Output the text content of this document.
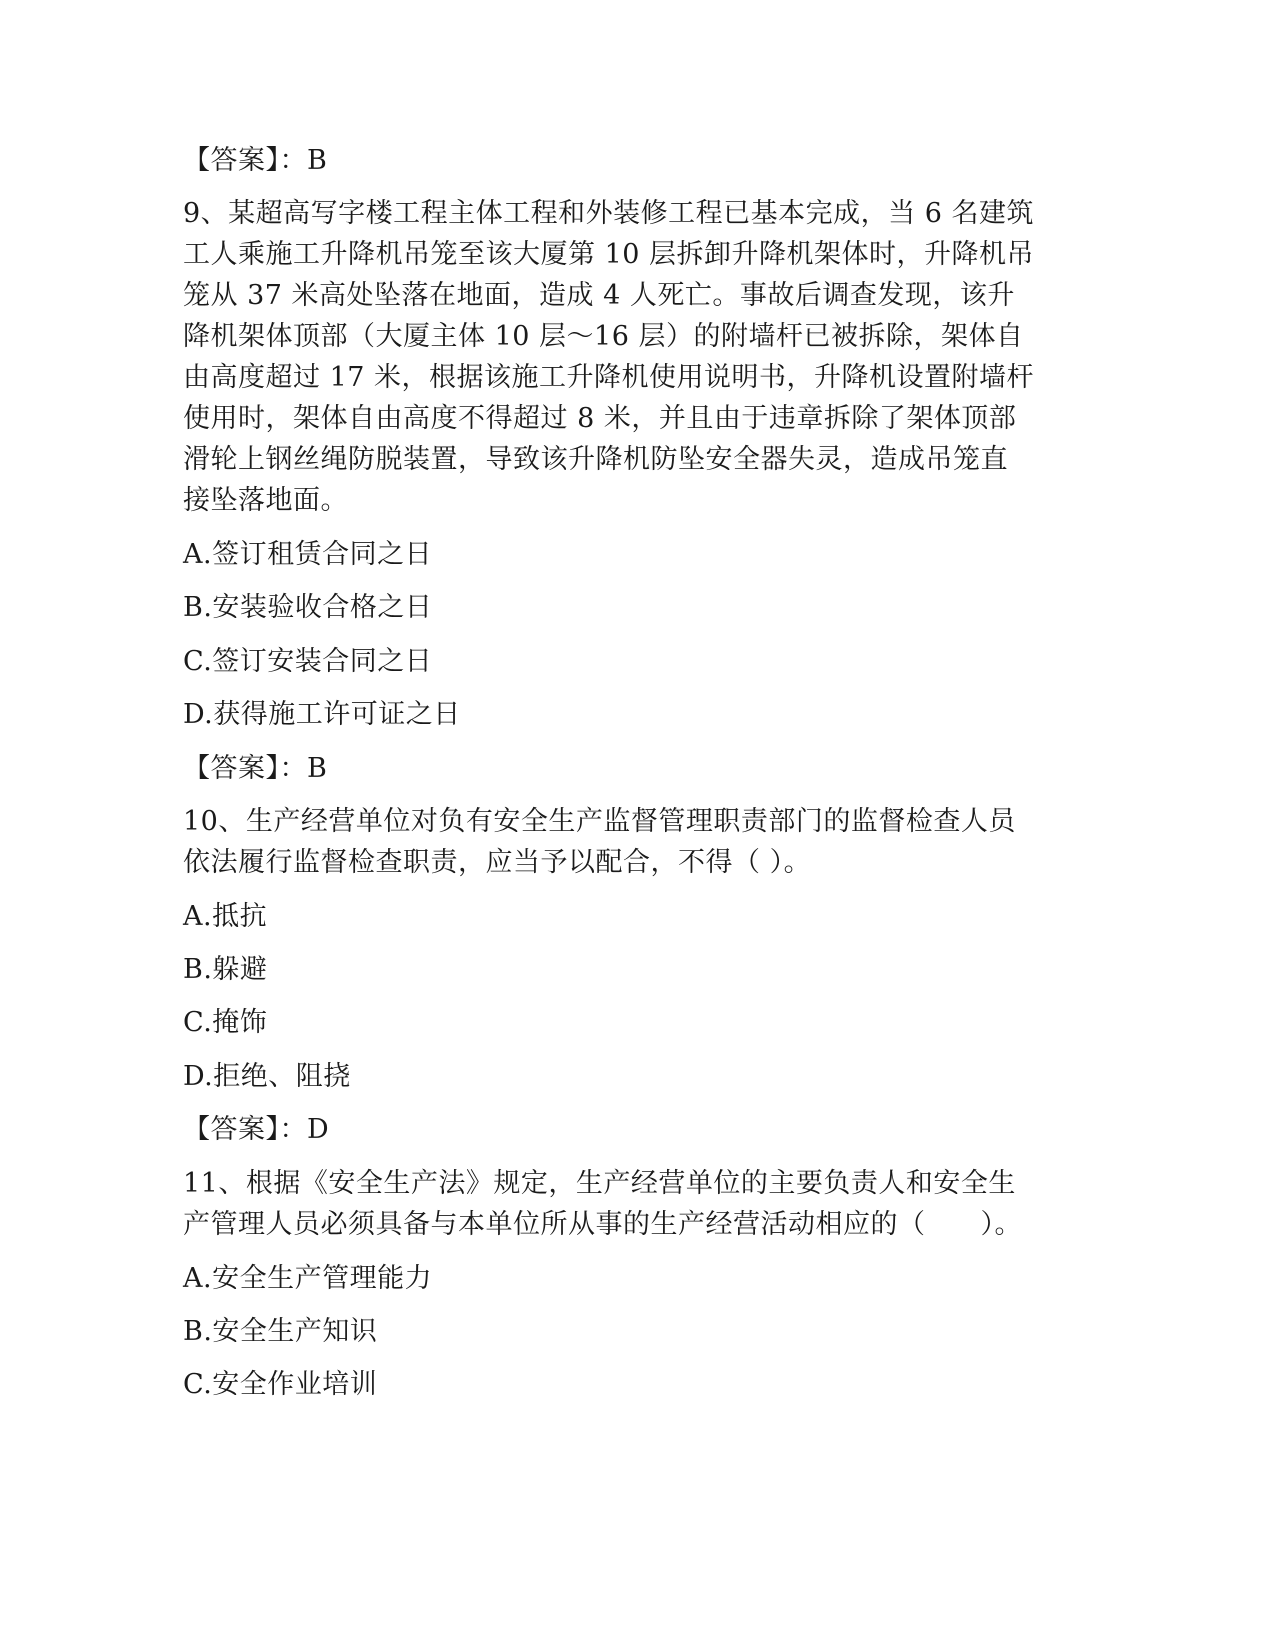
【答案】：B
9、某超高写字楼工程主体工程和外装修工程已基本完成，当 6 名建筑
工人乘施工升降机吊笼至该大厦第 10 层拆卸升降机架体时，升降机吊
笼从 37 米高处坠落在地面，造成 4 人死亡。事故后调查发现，该升
降机架体顶部（大厦主体 10 层～16 层）的附墙杆已被拆除，架体自
由高度超过 17 米，根据该施工升降机使用说明书，升降机设置附墙杆
使用时，架体自由高度不得超过 8 米，并且由于违章拆除了架体顶部
滑轮上钢丝绳防脱装置，导致该升降机防坠安全器失灵，造成吊笼直
接坠落地面。
A.签订租赁合同之日
B.安装验收合格之日
C.签订安装合同之日
D.获得施工许可证之日
【答案】：B
10、生产经营单位对负有安全生产监督管理职责部门的监督检查人员
依法履行监督检查职责，应当予以配合，不得（ ）。
A.抵抗
B.躲避
C.掩饰
D.拒绝、阻挠
【答案】：D
11、根据《安全生产法》规定，生产经营单位的主要负责人和安全生
产管理人员必须具备与本单位所从事的生产经营活动相应的（　　）。
A.安全生产管理能力
B.安全生产知识
C.安全作业培训
